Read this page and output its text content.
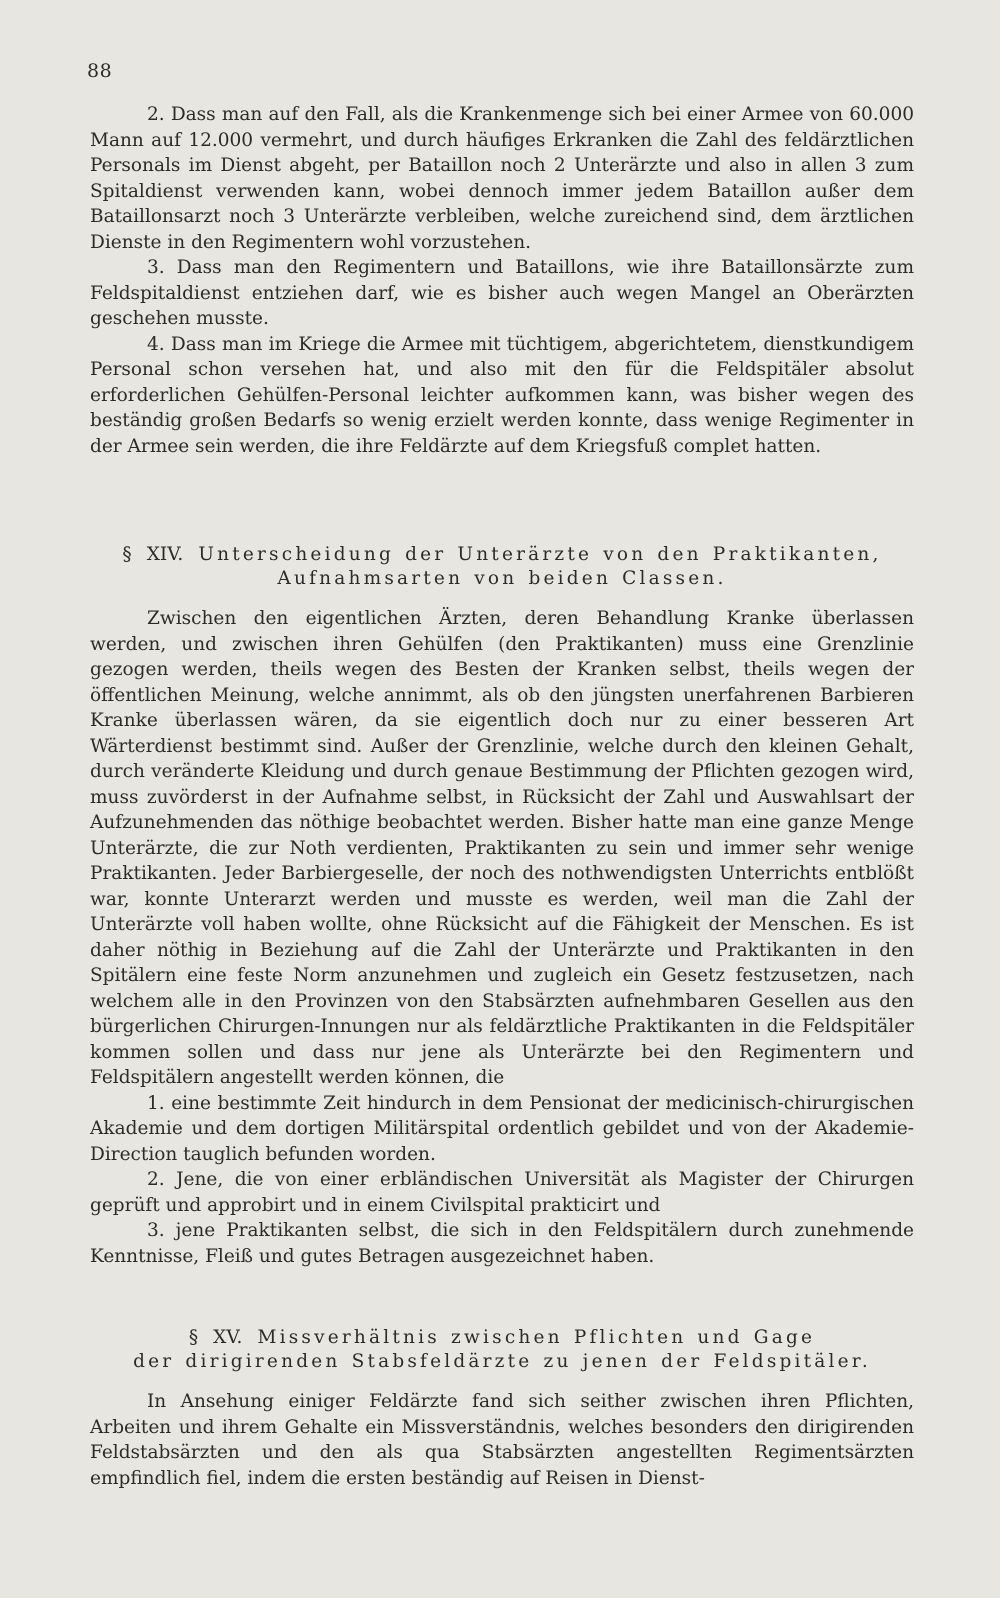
88

2. Dass man auf den Fall, als die Krankenmenge sich bei einer Armee von 60.000 Mann auf 12.000 vermehrt, und durch häufiges Erkranken die Zahl des feldärztlichen Personals im Dienst abgeht, per Bataillon noch 2 Unterärzte und also in allen 3 zum Spitaldienst verwenden kann, wobei dennoch immer jedem Bataillon außer dem Bataillonsarzt noch 3 Unterärzte verbleiben, welche zureichend sind, dem ärztlichen Dienste in den Regimentern wohl vorzustehen.

3. Dass man den Regimentern und Bataillons, wie ihre Bataillonsärzte zum Feldspitaldienst entziehen darf, wie es bisher auch wegen Mangel an Oberärzten geschehen musste.

4. Dass man im Kriege die Armee mit tüchtigem, abgerichtetem, dienstkundigem Personal schon versehen hat, und also mit den für die Feldspitäler absolut erforderlichen Gehülfen-Personal leichter aufkommen kann, was bisher wegen des beständig großen Bedarfs so wenig erzielt werden konnte, dass wenige Regimenter in der Armee sein werden, die ihre Feldärzte auf dem Kriegsfuß complet hatten.

§ XIV. Unterscheidung der Unterärzte von den Praktikanten,
Aufnahmsarten von beiden Classen.

Zwischen den eigentlichen Ärzten, deren Behandlung Kranke überlassen werden, und zwischen ihren Gehülfen (den Praktikanten) muss eine Grenzlinie gezogen werden, theils wegen des Besten der Kranken selbst, theils wegen der öffentlichen Meinung, welche annimmt, als ob den jüngsten unerfahrenen Barbieren Kranke überlassen wären, da sie eigentlich doch nur zu einer besseren Art Wärterdienst bestimmt sind. Außer der Grenzlinie, welche durch den kleinen Gehalt, durch veränderte Kleidung und durch genaue Bestimmung der Pflichten gezogen wird, muss zuvörderst in der Aufnahme selbst, in Rücksicht der Zahl und Auswahlsart der Aufzunehmenden das nöthige beobachtet werden. Bisher hatte man eine ganze Menge Unterärzte, die zur Noth verdienten, Praktikanten zu sein und immer sehr wenige Praktikanten. Jeder Barbiergeselle, der noch des nothwendigsten Unterrichts entblößt war, konnte Unterarzt werden und musste es werden, weil man die Zahl der Unterärzte voll haben wollte, ohne Rücksicht auf die Fähigkeit der Menschen. Es ist daher nöthig in Beziehung auf die Zahl der Unterärzte und Praktikanten in den Spitälern eine feste Norm anzunehmen und zugleich ein Gesetz festzusetzen, nach welchem alle in den Provinzen von den Stabsärzten aufnehmbaren Gesellen aus den bürgerlichen Chirurgen-Innungen nur als feldärztliche Praktikanten in die Feldspitäler kommen sollen und dass nur jene als Unterärzte bei den Regimentern und Feldspitälern angestellt werden können, die

1. eine bestimmte Zeit hindurch in dem Pensionat der medicinisch-chirurgischen Akademie und dem dortigen Militärspital ordentlich gebildet und von der Akademie-Direction tauglich befunden worden.

2. Jene, die von einer erbländischen Universität als Magister der Chirurgen geprüft und approbirt und in einem Civilspital prakticirt und

3. jene Praktikanten selbst, die sich in den Feldspitälern durch zunehmende Kenntnisse, Fleiß und gutes Betragen ausgezeichnet haben.

§ XV. Missverhältnis zwischen Pflichten und Gage
der dirigirenden Stabsfeldärzte zu jenen der Feldspitäler.

In Ansehung einiger Feldärzte fand sich seither zwischen ihren Pflichten, Arbeiten und ihrem Gehalte ein Missverständnis, welches besonders den dirigirenden Feldstabsärzten und den als qua Stabsärzten angestellten Regimentsärzten empfindlich fiel, indem die ersten beständig auf Reisen in Dienst-
